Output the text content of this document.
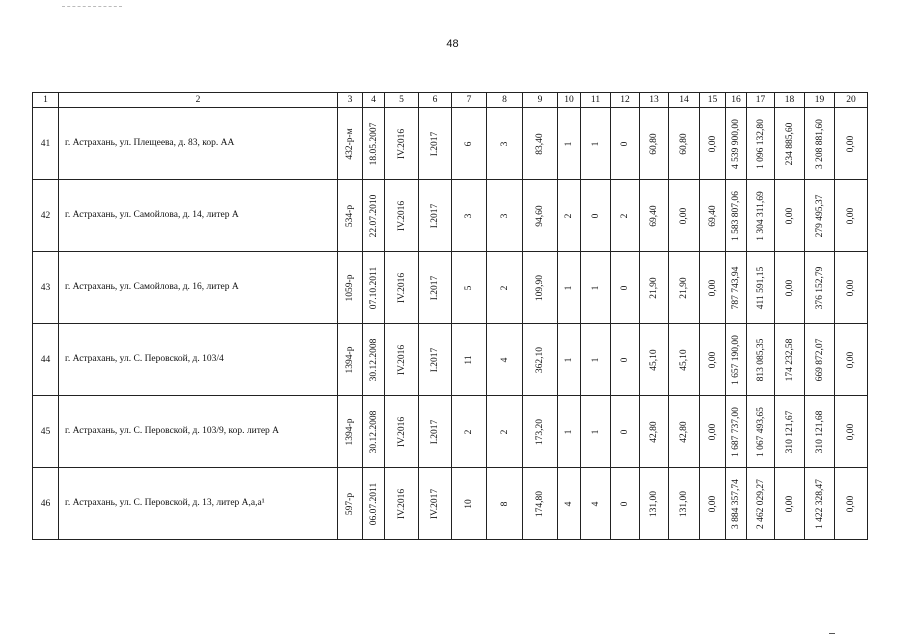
48
1	2	3	4	5	6	7	8	9	10	11	12	13	14	15	16	17	18	19	20
41	г. Астрахань, ул. Плещеева, д. 83, кор. АА	432-р-м	18.05.2007	IV.2016	I.2017	6	3	83,40	1	1	0	60,80	60,80	0,00	4 539 900,00	1 096 132,80	234 885,60	3 208 881,60	0,00

42	г. Астрахань, ул. Самойлова, д. 14, литер А	534-р	22.07.2010	IV.2016	I.2017	3	3	94,60	2	0	2	69,40	0,00	69,40	1 583 807,06	1 304 311,69	0,00	279 495,37	0,00

43	г. Астрахань, ул. Самойлова, д. 16, литер А	1059-р	07.10.2011	IV.2016	I.2017	5	2	109,90	1	1	0	21,90	21,90	0,00	787 743,94	411 591,15	0,00	376 152,79	0,00

44	г. Астрахань, ул. С. Перовской, д. 103/4	1394-р	30.12.2008	IV.2016	I.2017	11	4	362,10	1	1	0	45,10	45,10	0,00	1 657 190,00	813 085,35	174 232,58	669 872,07	0,00

45	г. Астрахань, ул. С. Перовской, д. 103/9, кор. литер А	1394-р	30.12.2008	IV.2016	I.2017	2	2	173,20	1	1	0	42,80	42,80	0,00	1 687 737,00	1 067 493,65	310 121,67	310 121,68	0,00

46	г. Астрахань, ул. С. Перовской, д. 13, литер А,а,а¹	597-р	06.07.2011	IV.2016	IV.2017	10	8	174,80	4	4	0	131,00	131,00	0,00	3 884 357,74	2 462 029,27	0,00	1 422 328,47	0,00
